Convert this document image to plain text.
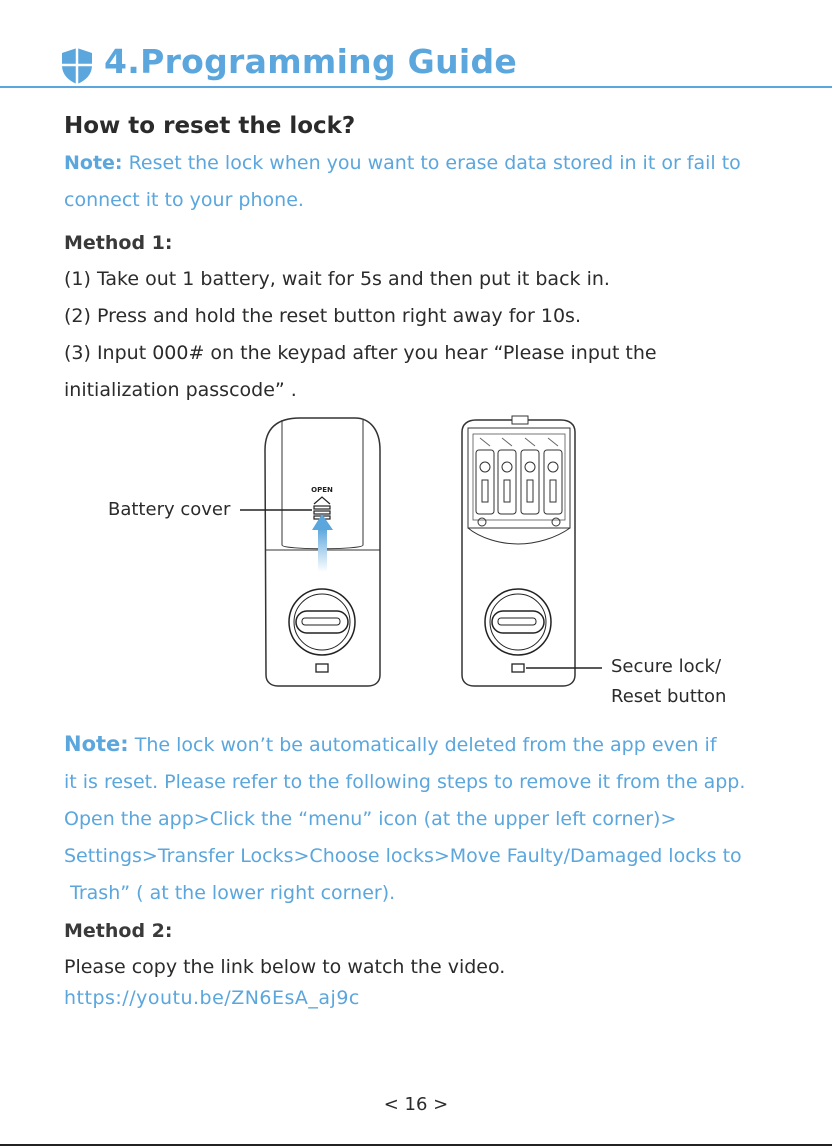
4.Programming Guide
How to reset the lock?
Note: Reset the lock when you want to erase data stored in it or fail to
connect it to your phone.
Method 1:
(1) Take out 1 battery, wait for 5s and then put it back in.
(2) Press and hold the reset button right away for 10s.
(3) Input 000# on the keypad after you hear “Please input the
initialization passcode” .
OPEN
Battery cover
Secure lock/
Reset button
Note: The lock won’t be automatically deleted from the app even if
it is reset. Please refer to the following steps to remove it from the app.
Open the app>Click the “menu” icon (at the upper left corner)>
Settings>Transfer Locks>Choose locks>Move Faulty/Damaged locks to
Trash” ( at the lower right corner).
Method 2:
Please copy the link below to watch the video.
https://youtu.be/ZN6EsA_aj9c
< 16 >
